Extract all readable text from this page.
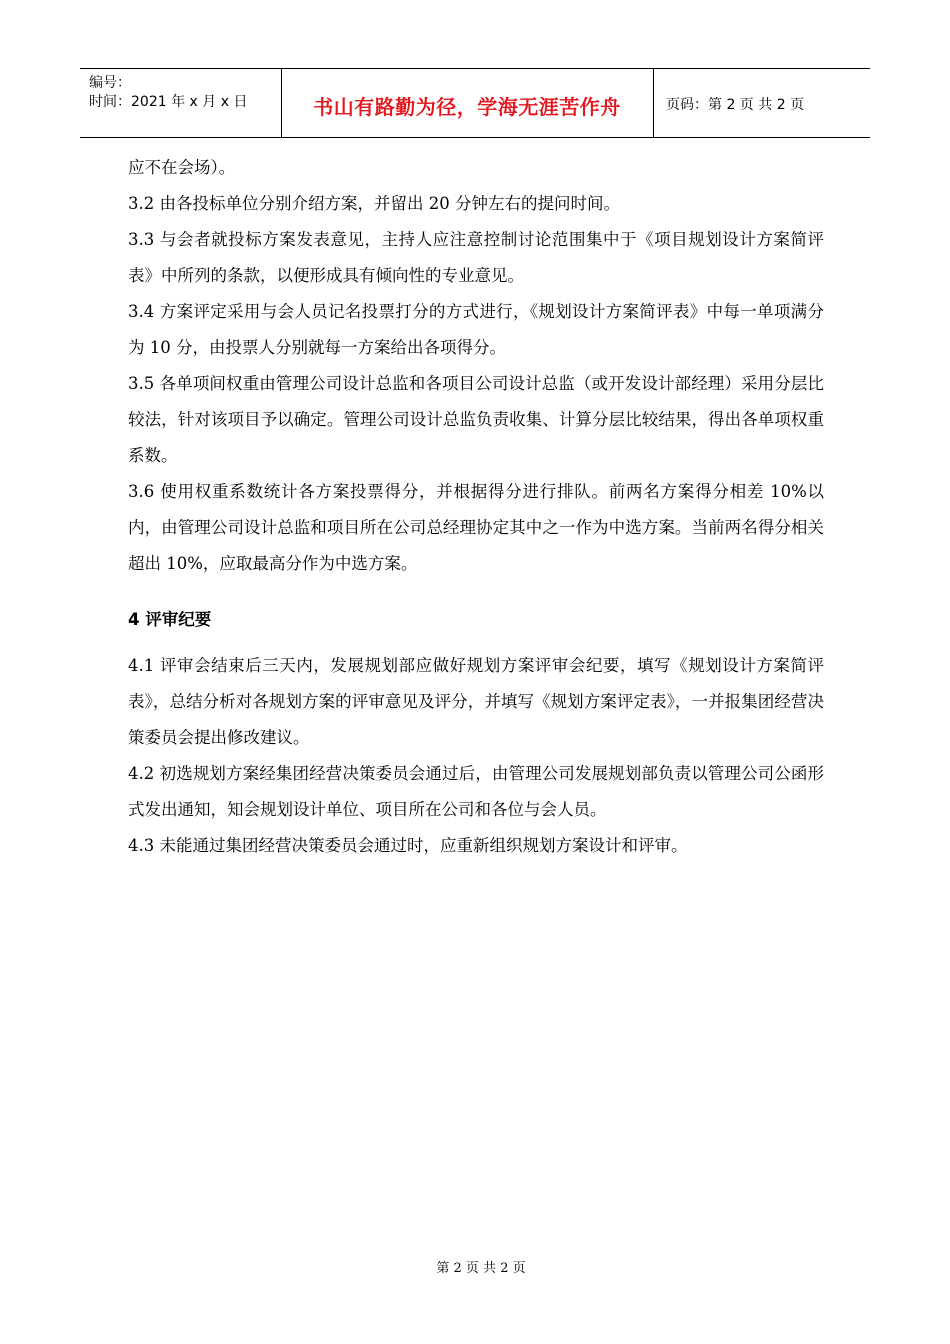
编号：
时间：2021 年 x 月 x 日	书山有路勤为径，学海无涯苦作舟	页码：第 2 页 共 2 页

应不在会场）。

3.2 由各投标单位分别介绍方案，并留出 20 分钟左右的提问时间。

3.3 与会者就投标方案发表意见，主持人应注意控制讨论范围集中于《项目规划设计方案简评表》中所列的条款，以便形成具有倾向性的专业意见。

3.4 方案评定采用与会人员记名投票打分的方式进行，《规划设计方案简评表》中每一单项满分为 10 分，由投票人分别就每一方案给出各项得分。

3.5 各单项间权重由管理公司设计总监和各项目公司设计总监（或开发设计部经理）采用分层比较法，针对该项目予以确定。管理公司设计总监负责收集、计算分层比较结果，得出各单项权重系数。

3.6 使用权重系数统计各方案投票得分，并根据得分进行排队。前两名方案得分相差 10%以内，由管理公司设计总监和项目所在公司总经理协定其中之一作为中选方案。当前两名得分相关超出 10%，应取最高分作为中选方案。

4 评审纪要

4.1 评审会结束后三天内，发展规划部应做好规划方案评审会纪要，填写《规划设计方案简评表》，总结分析对各规划方案的评审意见及评分，并填写《规划方案评定表》，一并报集团经营决策委员会提出修改建议。

4.2 初选规划方案经集团经营决策委员会通过后，由管理公司发展规划部负责以管理公司公函形式发出通知，知会规划设计单位、项目所在公司和各位与会人员。

4.3 未能通过集团经营决策委员会通过时，应重新组织规划方案设计和评审。

第 2 页 共 2 页
